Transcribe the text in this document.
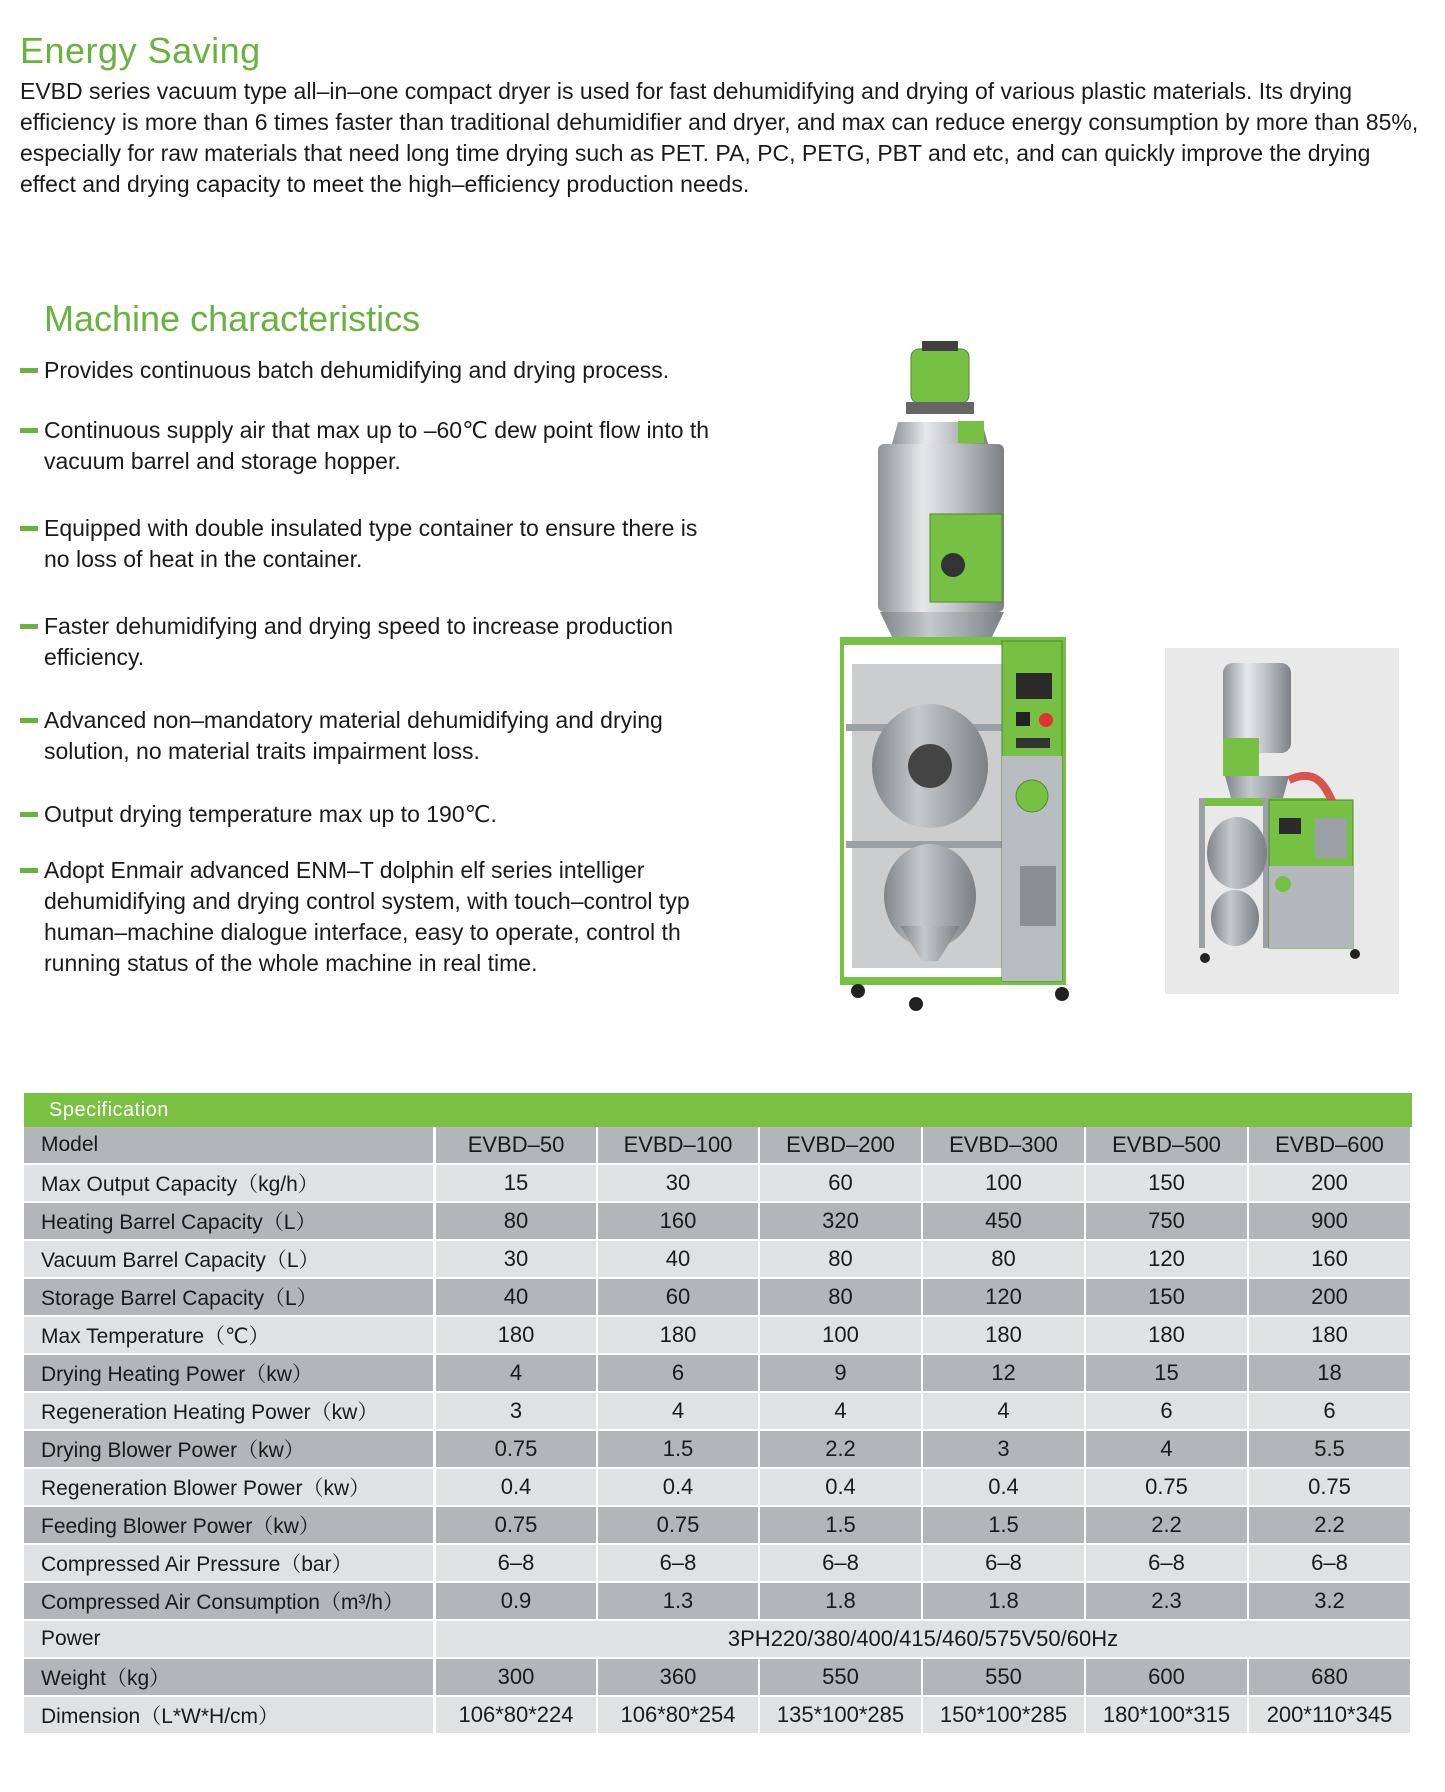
Energy Saving

EVBD series vacuum type all–in–one compact dryer is used for fast dehumidifying and drying of various plastic materials. Its drying efficiency is more than 6 times faster than traditional dehumidifier and dryer, and max can reduce energy consumption by more than 85%, especially for raw materials that need long time drying such as PET. PA, PC, PETG, PBT and etc, and can quickly improve the drying effect and drying capacity to meet the high–efficiency production needs.

Machine characteristics
Provides continuous batch dehumidifying and drying process.
Continuous supply air that max up to –60℃ dew point flow into th
vacuum barrel and storage hopper.
Equipped with double insulated type container to ensure there is
no loss of heat in the container.
Faster dehumidifying and drying speed to increase production
efficiency.
Advanced non–mandatory material dehumidifying and drying
solution, no material traits impairment loss.
Output drying temperature max up to 190℃.
Adopt Enmair advanced ENM–T dolphin elf series intelliger
dehumidifying and drying control system, with touch–control typ
human–machine dialogue interface, easy to operate, control th
running status of the whole machine in real time.
Specification
Model	EVBD–50	EVBD–100	EVBD–200	EVBD–300	EVBD–500	EVBD–600
Max Output Capacity（kg/h）	15	30	60	100	150	200
Heating Barrel Capacity（L）	80	160	320	450	750	900
Vacuum Barrel Capacity（L）	30	40	80	80	120	160
Storage Barrel Capacity（L）	40	60	80	120	150	200
Max Temperature（℃）	180	180	100	180	180	180
Drying Heating Power（kw）	4	6	9	12	15	18
Regeneration Heating Power（kw）	3	4	4	4	6	6
Drying Blower Power（kw）	0.75	1.5	2.2	3	4	5.5
Regeneration Blower Power（kw）	0.4	0.4	0.4	0.4	0.75	0.75
Feeding Blower Power（kw）	0.75	0.75	1.5	1.5	2.2	2.2
Compressed Air Pressure（bar）	6–8	6–8	6–8	6–8	6–8	6–8
Compressed Air Consumption（m³/h）	0.9	1.3	1.8	1.8	2.3	3.2
Power	3PH220/380/400/415/460/575V50/60Hz					
Weight（kg）	300	360	550	550	600	680
Dimension（L*W*H/cm）	106*80*224	106*80*254	135*100*285	150*100*285	180*100*315	200*110*345
